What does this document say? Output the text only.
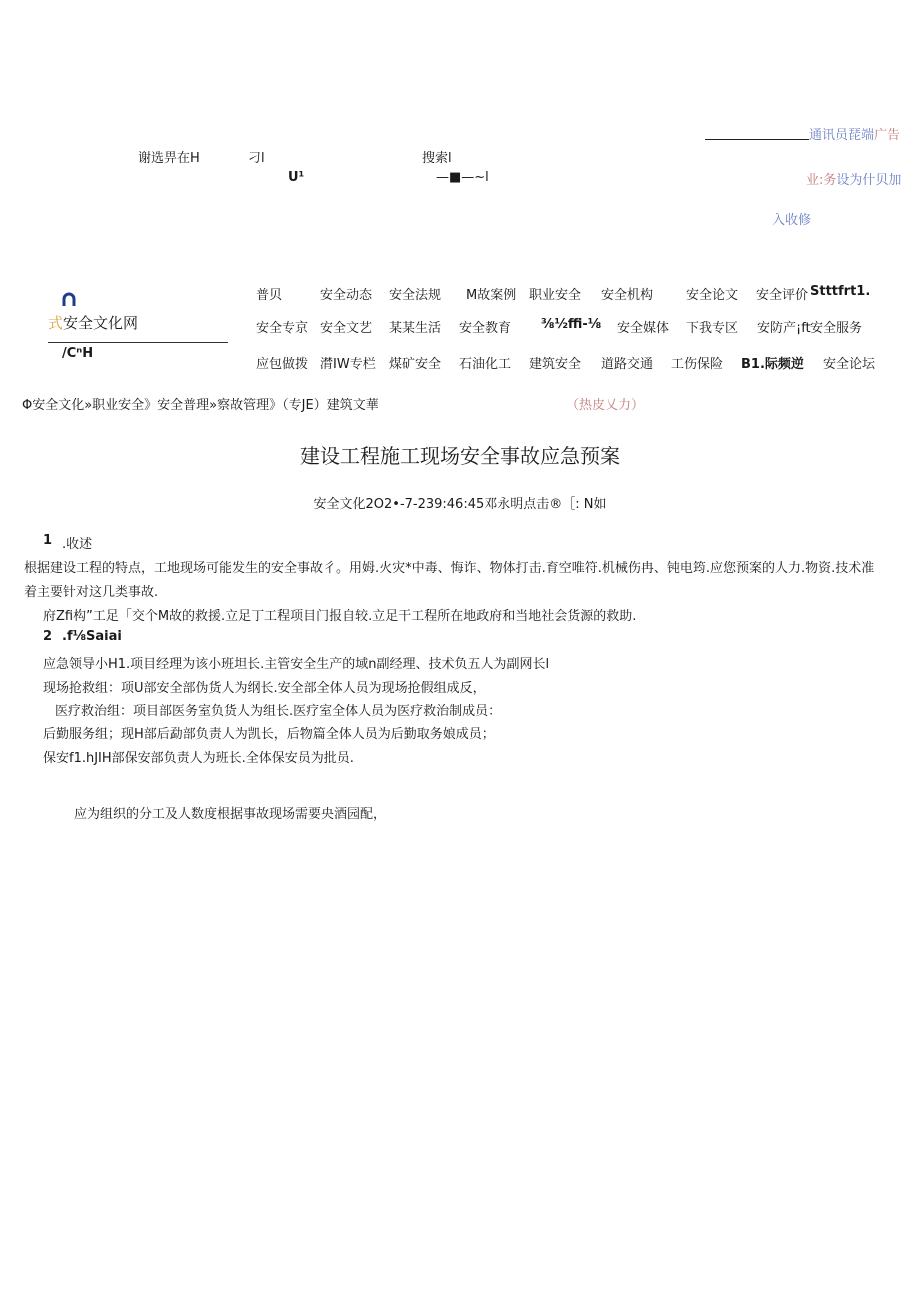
谢选畀在H	刁l
U¹
搜索l
—■—~l
通讯员琵端广告
业:务设为什贝加
入收修
式安全文化网
/CⁿH
普贝	安全动态 安全法规 M故案例 职业安全 安全机构	安全论文 安全评价 Stttfrt1.
安全专京 安全文艺 某某生活 安全教育 ⅜½ffi-⅛ 安全媒体 下我专区 安防产¡ft 安全服务
应包做拨 潸IW专栏 煤矿安全 石油化工 建筑安全 道路交通 工伤保险 B1.际频逆 安全论坛
Φ安全文化»职业安全》安全普理»察故管理》（专JE）建筑文華	（热皮乂力）
建设工程施工现场安全事故应急预案
安全文化2O2•-7-239:46:45邓永明点击®［: N如
1 .收述
根据建设工程的特点，工地现场可能发生的安全事故彳。用姆.火灾*中毒、悔诈、物体打击.育空唯符.机械伤冉、钝电筠.应您预案的人力.物资.技术准
着主要针对这几类事故.
府Zfi构”工足「交个M故的救援.立足丁工程项目门报自较.立足干工程所在地政府和当地社会货源的救助.
2 .f⅛Saiai
应急领导小H1.项目经理为该小班坦长.主管安全生产的域n副经理、技术负五人为副网长l
现场抢救组：项U部安全部伪货人为纲长.安全部全体人员为现场抢假组成反，
医疗救治组：项目部医务室负货人为组长.医疗室全体人员为医疗救治制成员：
后勤服务组；现H部后勐部负责人为凯长，后物篇全体人员为后勤取务娘成员；
保安f1.hJIH部保安部负责人为班长.全体保安员为批员.
应为组织的分工及人数度根据事故现场需要央酒园配，
